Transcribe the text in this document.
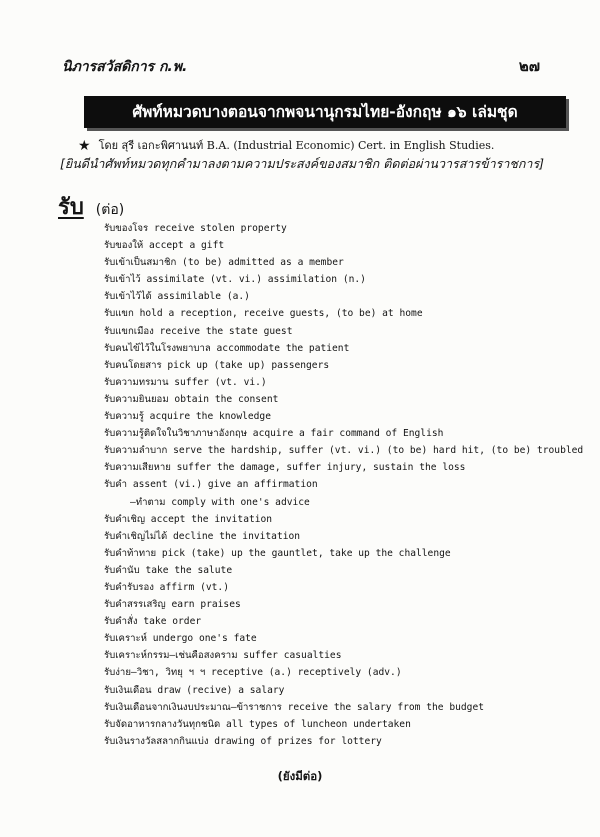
นิภารสวัสดิการ ก.พ.	๒๗
ศัพท์หมวดบางตอนจากพจนานุกรมไทย-อังกฤษ ๑๖ เล่มชุด
★ โดย สุรี เอกะพิศานนท์ B.A. (Industrial Economic) Cert. in English Studies.
[ยินดีนำศัพท์หมวดทุกคำมาลงตามความประสงค์ของสมาชิก ติดต่อผ่านวารสารข้าราชการ]
รับ (ต่อ)
รับของโจร receive stolen property
รับของให้ accept a gift
รับเข้าเป็นสมาชิก (to be) admitted as a member
รับเข้าไว้ assimilate (vt. vi.) assimilation (n.)
รับเข้าไว้ได้ assimilable (a.)
รับแขก hold a reception, receive guests, (to be) at home
รับแขกเมือง receive the state guest
รับคนไข้ไว้ในโรงพยาบาล accommodate the patient
รับคนโดยสาร pick up (take up) passengers
รับความทรมาน suffer (vt. vi.)
รับความยินยอม obtain the consent
รับความรู้ acquire the knowledge
รับความรู้ติดใจในวิชาภาษาอังกฤษ acquire a fair command of English
รับความลำบาก serve the hardship, suffer (vt. vi.) (to be) hard hit, (to be) troubled
รับความเสียหาย suffer the damage, suffer injury, sustain the loss
รับคำ assent (vi.) give an affirmation
—ทำตาม comply with one's advice
รับคำเชิญ accept the invitation
รับคำเชิญไม่ได้ decline the invitation
รับคำท้าทาย pick (take) up the gauntlet, take up the challenge
รับคำนับ take the salute
รับคำรับรอง affirm (vt.)
รับคำสรรเสริญ earn praises
รับคำสั่ง take order
รับเคราะห์ undergo one's fate
รับเคราะห์กรรม—เช่นคือสงคราม suffer casualties
รับง่าย—วิชา, วิทยุ ฯ ฯ receptive (a.) receptively (adv.)
รับเงินเดือน draw (recive) a salary
รับเงินเดือนจากเงินงบประมาณ—ข้าราชการ receive the salary from the budget
รับจัดอาหารกลางวันทุกชนิด all types of luncheon undertaken
รับเงินรางวัลสลากกินแบ่ง drawing of prizes for lottery
(ยังมีต่อ)
